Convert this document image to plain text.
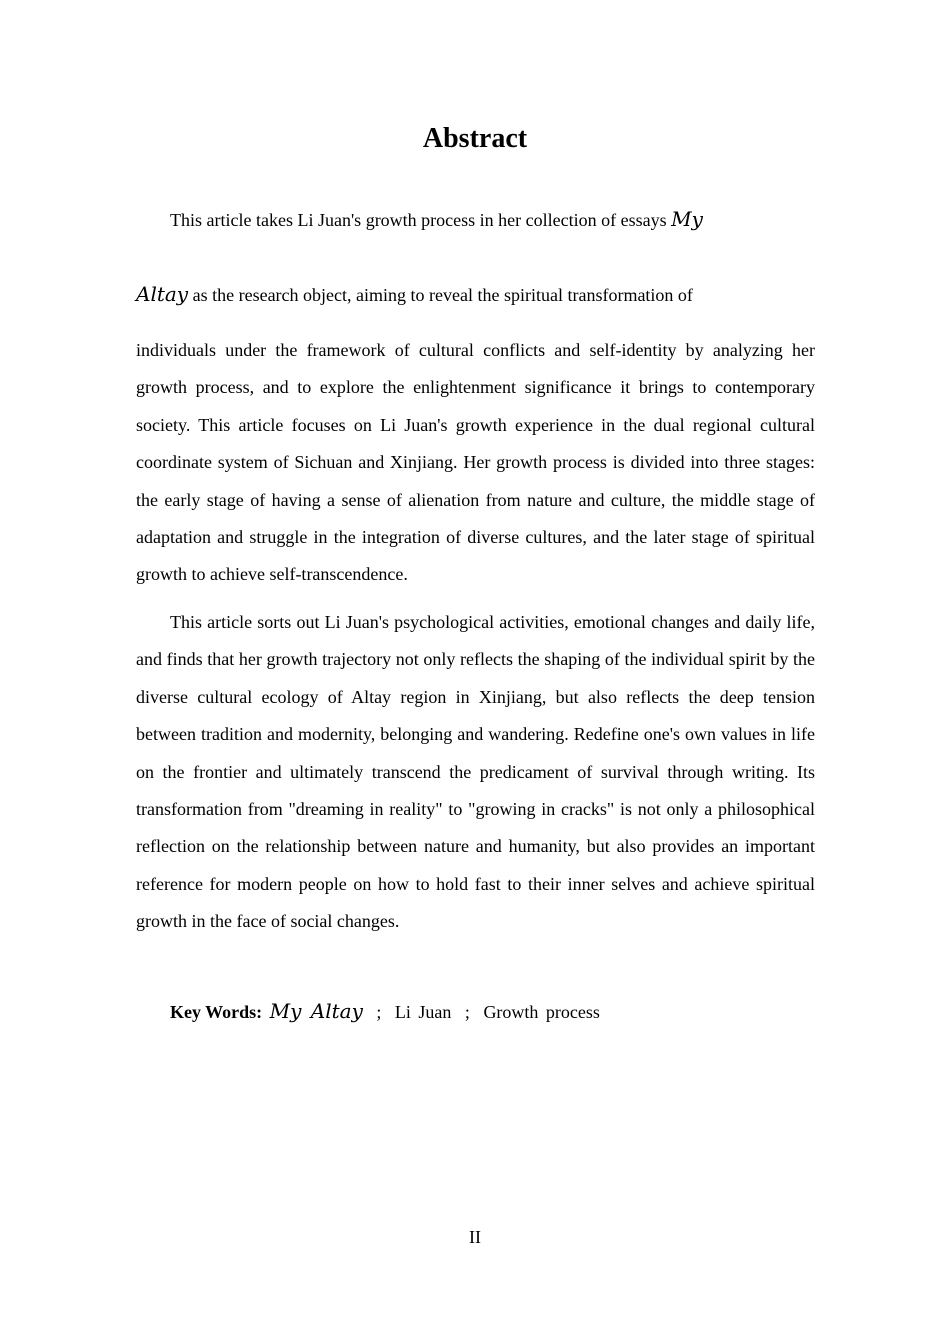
Abstract

This article takes Li Juan's growth process in her collection of essays My

Altay as the research object, aiming to reveal the spiritual transformation of
individuals under the framework of cultural conflicts and self-identity by analyzing her growth process, and to explore the enlightenment significance it brings to contemporary society. This article focuses on Li Juan's growth experience in the dual regional cultural coordinate system of Sichuan and Xinjiang. Her growth process is divided into three stages: the early stage of having a sense of alienation from nature and culture, the middle stage of adaptation and struggle in the integration of diverse cultures, and the later stage of spiritual growth to achieve self-transcendence.

This article sorts out Li Juan's psychological activities, emotional changes and daily life, and finds that her growth trajectory not only reflects the shaping of the individual spirit by the diverse cultural ecology of Altay region in Xinjiang, but also reflects the deep tension between tradition and modernity, belonging and wandering. Redefine one's own values in life on the frontier and ultimately transcend the predicament of survival through writing. Its transformation from "dreaming in reality" to "growing in cracks" is not only a philosophical reflection on the relationship between nature and humanity, but also provides an important reference for modern people on how to hold fast to their inner selves and achieve spiritual growth in the face of social changes.

Key Words: My Altay ; Li Juan ; Growth process
II
